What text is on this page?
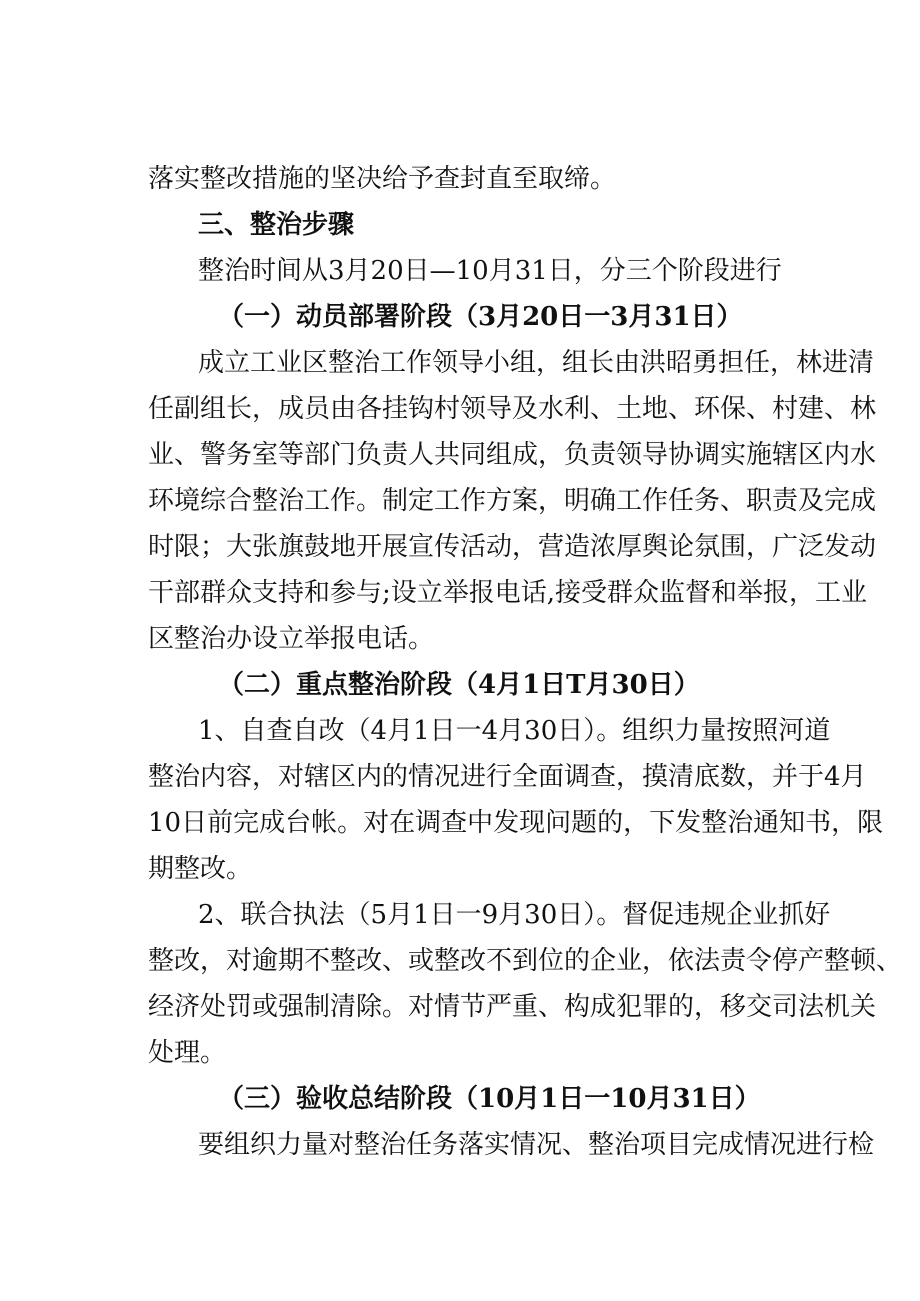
落实整改措施的坚决给予查封直至取缔。
三、整治步骤
整治时间从3月20日—10月31日，分三个阶段进行
（一）动员部署阶段（3月20日一3月31日）
成立工业区整治工作领导小组，组长由洪昭勇担任，林进清
任副组长，成员由各挂钩村领导及水利、土地、环保、村建、林
业、警务室等部门负责人共同组成，负责领导协调实施辖区内水
环境综合整治工作。制定工作方案，明确工作任务、职责及完成
时限；大张旗鼓地开展宣传活动，营造浓厚舆论氛围，广泛发动
干部群众支持和参与;设立举报电话,接受群众监督和举报，工业
区整治办设立举报电话。
（二）重点整治阶段（4月1日T月30日）
1、自查自改（4月1日一4月30日）。组织力量按照河道
整治内容，对辖区内的情况进行全面调查，摸清底数，并于4月
10日前完成台帐。对在调查中发现问题的，下发整治通知书，限
期整改。
2、联合执法（5月1日一9月30日）。督促违规企业抓好
整改，对逾期不整改、或整改不到位的企业，依法责令停产整顿、
经济处罚或强制清除。对情节严重、构成犯罪的，移交司法机关
处理。
（三）验收总结阶段（10月1日一10月31日）
要组织力量对整治任务落实情况、整治项目完成情况进行检
